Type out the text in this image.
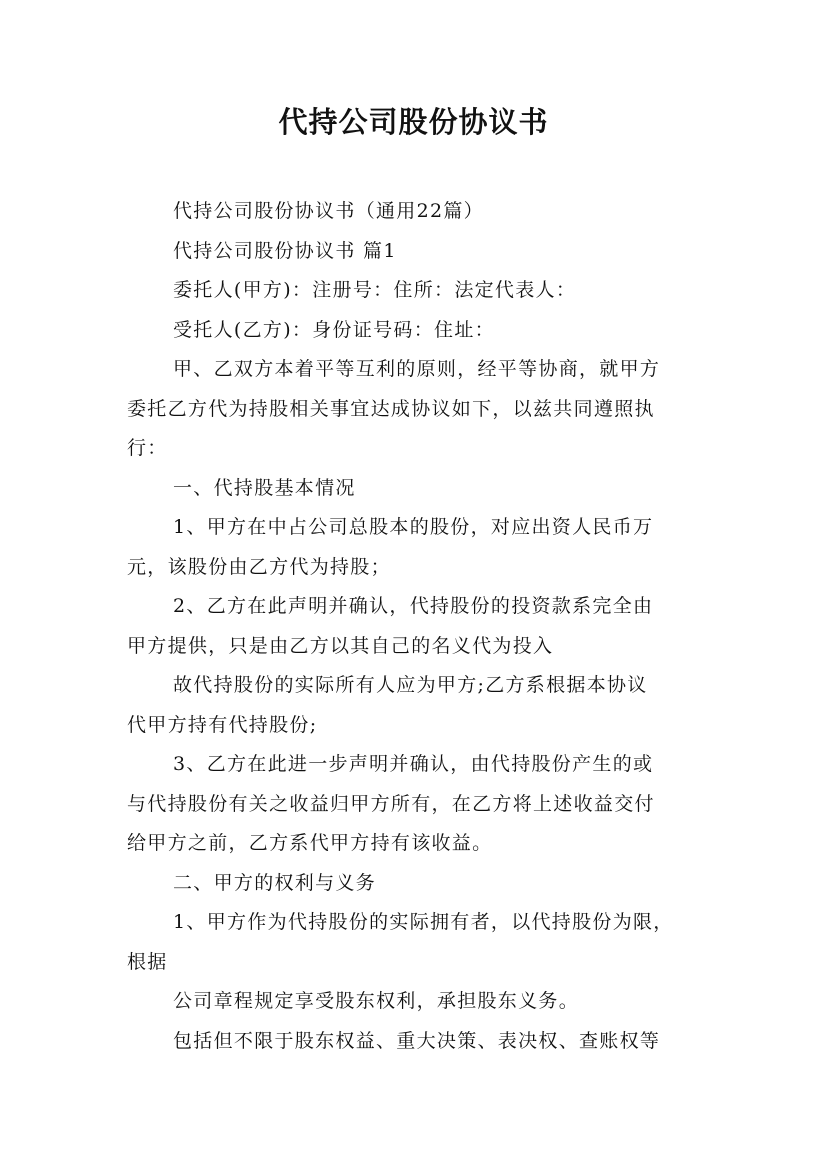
代持公司股份协议书
代持公司股份协议书（通用22篇）
代持公司股份协议书 篇1
委托人(甲方)：注册号：住所：法定代表人：
受托人(乙方)：身份证号码：住址：
甲、乙双方本着平等互利的原则，经平等协商，就甲方
委托乙方代为持股相关事宜达成协议如下，以兹共同遵照执
行：
一、代持股基本情况
1、甲方在中占公司总股本的股份，对应出资人民币万
元，该股份由乙方代为持股；
2、乙方在此声明并确认，代持股份的投资款系完全由
甲方提供，只是由乙方以其自己的名义代为投入
故代持股份的实际所有人应为甲方;乙方系根据本协议
代甲方持有代持股份;
3、乙方在此进一步声明并确认，由代持股份产生的或
与代持股份有关之收益归甲方所有，在乙方将上述收益交付
给甲方之前，乙方系代甲方持有该收益。
二、甲方的权利与义务
1、甲方作为代持股份的实际拥有者，以代持股份为限，
根据
公司章程规定享受股东权利，承担股东义务。
包括但不限于股东权益、重大决策、表决权、查账权等
